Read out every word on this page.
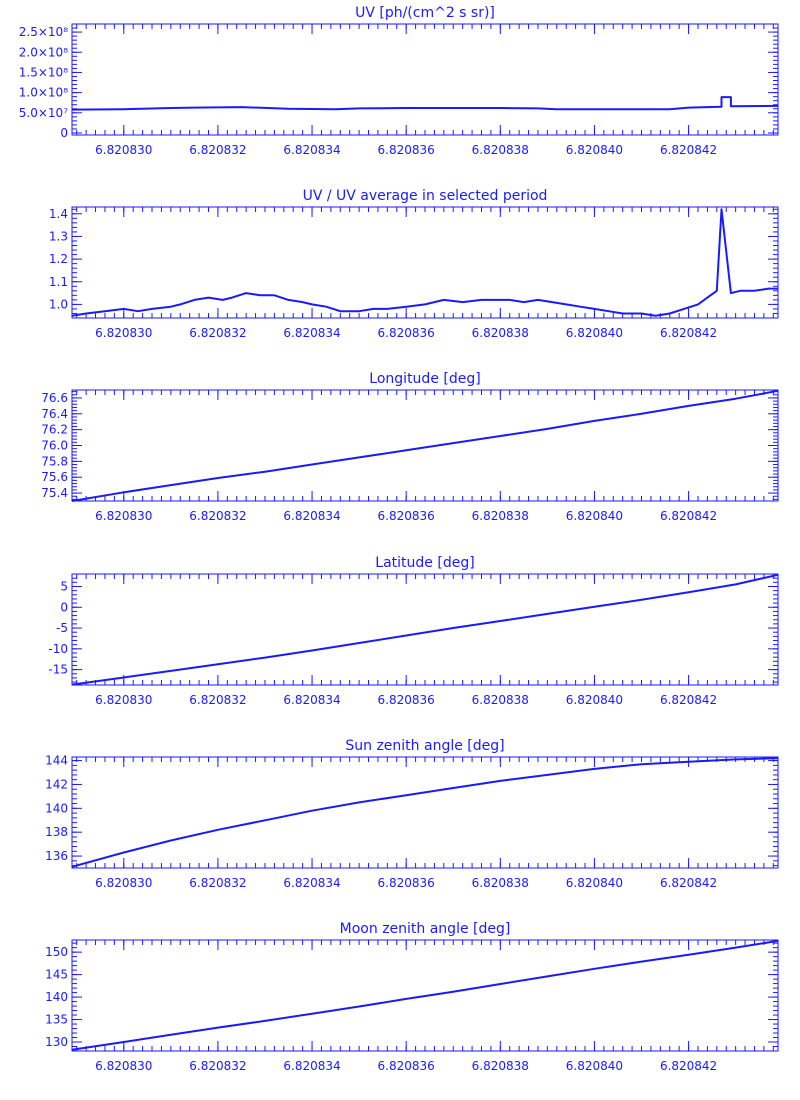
UV [ph/(cm^2 s sr)]
6.820830	6.820832	6.820834	6.820836	6.820838	6.820840	6.820842
0
5.0×10⁷
1.0×10⁸
1.5×10⁸
2.0×10⁸
2.5×10⁸
UV / UV average in selected period
6.820830	6.820832	6.820834	6.820836	6.820838	6.820840	6.820842
1.0
1.1
1.2
1.3
1.4
Longitude [deg]
6.820830	6.820832	6.820834	6.820836	6.820838	6.820840	6.820842
75.4
75.6
75.8
76.0
76.2
76.4
76.6
Latitude [deg]
6.820830	6.820832	6.820834	6.820836	6.820838	6.820840	6.820842
-15
-10
-5
0
5
Sun zenith angle [deg]
6.820830	6.820832	6.820834	6.820836	6.820838	6.820840	6.820842
136
138
140
142
144
Moon zenith angle [deg]
6.820830	6.820832	6.820834	6.820836	6.820838	6.820840	6.820842
130
135
140
145
150
